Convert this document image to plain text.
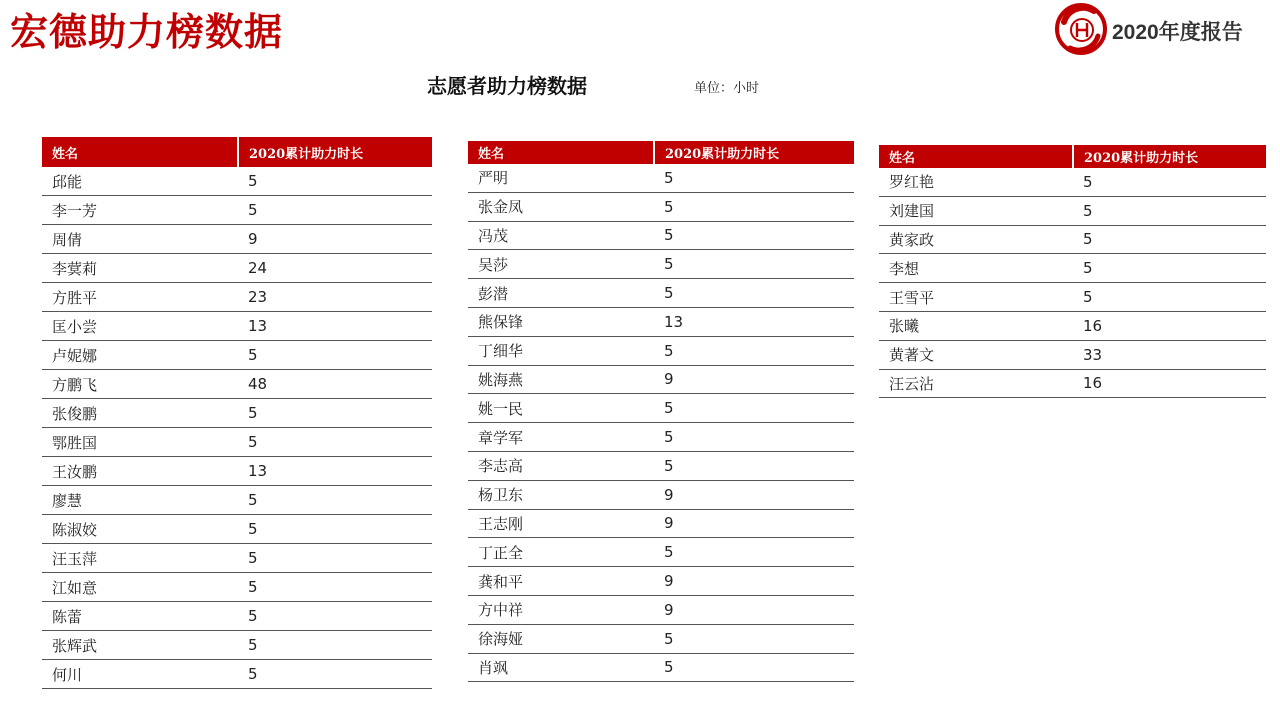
宏德助力榜数据	2020年度报告
志愿者助力榜数据	单位：小时
姓名	2020累计助力时长
邱能	5
李一芳	5
周倩	9
李蓂莉	24
方胜平	23
匡小尝	13
卢妮娜	5
方鹏飞	48
张俊鹏	5
鄂胜国	5
王汝鹏	13
廖慧	5
陈淑姣	5
汪玉萍	5
江如意	5
陈蕾	5
张辉武	5
何川	5
姓名	2020累计助力时长
严明	5
张金凤	5
冯茂	5
吴莎	5
彭潜	5
熊保锋	13
丁细华	5
姚海燕	9
姚一民	5
章学军	5
李志高	5
杨卫东	9
王志刚	9
丁正全	5
龚和平	9
方中祥	9
徐海娅	5
肖飒	5
姓名	2020累计助力时长
罗红艳	5
刘建国	5
黄家政	5
李想	5
王雪平	5
张曦	16
黄著文	33
汪云沾	16
